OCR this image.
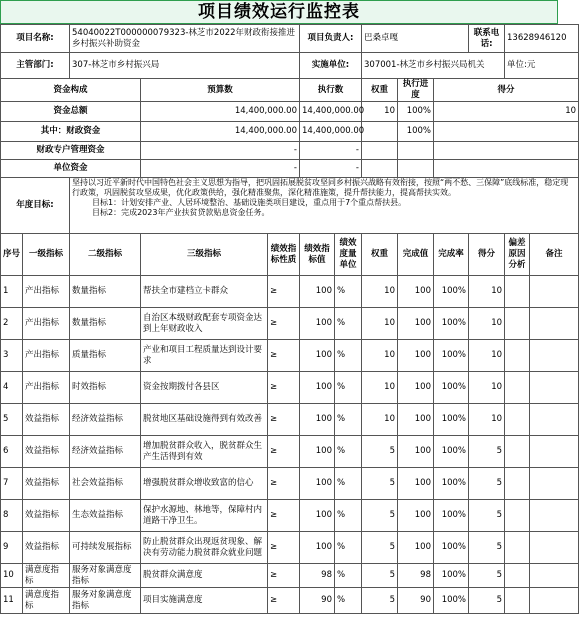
项目绩效运行监控表
项目名称:		54040022T000000079323-林芝市2022年财政衔接推进乡村振兴补助资金			项目负责人:		巴桑卓嘎			联系电话:	13628946120	
主管部门:		307-林芝市乡村振兴局			实施单位:		307001-林芝市乡村振兴局机关				单位:元	
资金构成			预算数		执行数		权重	执行进度	得分			
资金总额			14,400,000.00		14,400,000.00		10	100%	10			
其中：财政资金			14,400,000.00		14,400,000.00			100%				
财政专户管理资金			-		-							
单位资金			-		-							
年度目标:		坚持以习近平新时代中国特色社会主义思想为指导，把巩固拓展脱贫攻坚同乡村振兴战略有效衔接，按照“两不愁、三保障”底线标准，稳定现行政策，巩固脱贫攻坚成果，优化政策供给，强化精准聚焦，深化精准施策，提升帮扶能力，提高帮扶实效。
目标1：计划安排产业、人居环境整治、基础设施类项目建设，重点用于7个重点帮扶县。
目标2：完成2023年产业扶贫贷款贴息资金任务。										

序号	一级指标	二级指标	三级指标	绩效指标性质	绩效指标值	绩效度量单位	权重	完成值	完成率	得分	偏差原因分析	备注
1	产出指标	数量指标	帮扶全市建档立卡群众	≥	100	%	10	100	100%	10		
2	产出指标	数量指标	自治区本级财政配套专项资金达到上年财政收入	≥	100	%	10	100	100%	10		
3	产出指标	质量指标	产业和项目工程质量达到设计要求	≥	100	%	10	100	100%	10		
4	产出指标	时效指标	资金按期拨付各县区	≥	100	%	10	100	100%	10		
5	效益指标	经济效益指标	脱贫地区基础设施得到有效改善	≥	100	%	10	100	100%	10		
6	效益指标	经济效益指标	增加脱贫群众收入，脱贫群众生产生活得到有效	≥	100	%	5	100	100%	5		
7	效益指标	社会效益指标	增强脱贫群众增收致富的信心	≥	100	%	5	100	100%	5		
8	效益指标	生态效益指标	保护水源地、林地等，保障村内道路干净卫生。	≥	100	%	5	100	100%	5		
9	效益指标	可持续发展指标	防止脱贫群众出现返贫现象、解决有劳动能力脱贫群众就业问题	≥	100	%	5	100	100%	5		
10	满意度指标	服务对象满意度指标	脱贫群众满意度	≥	98	%	5	98	100%	5		
11	满意度指标	服务对象满意度指标	项目实施满意度	≥	90	%	5	90	100%	5		
